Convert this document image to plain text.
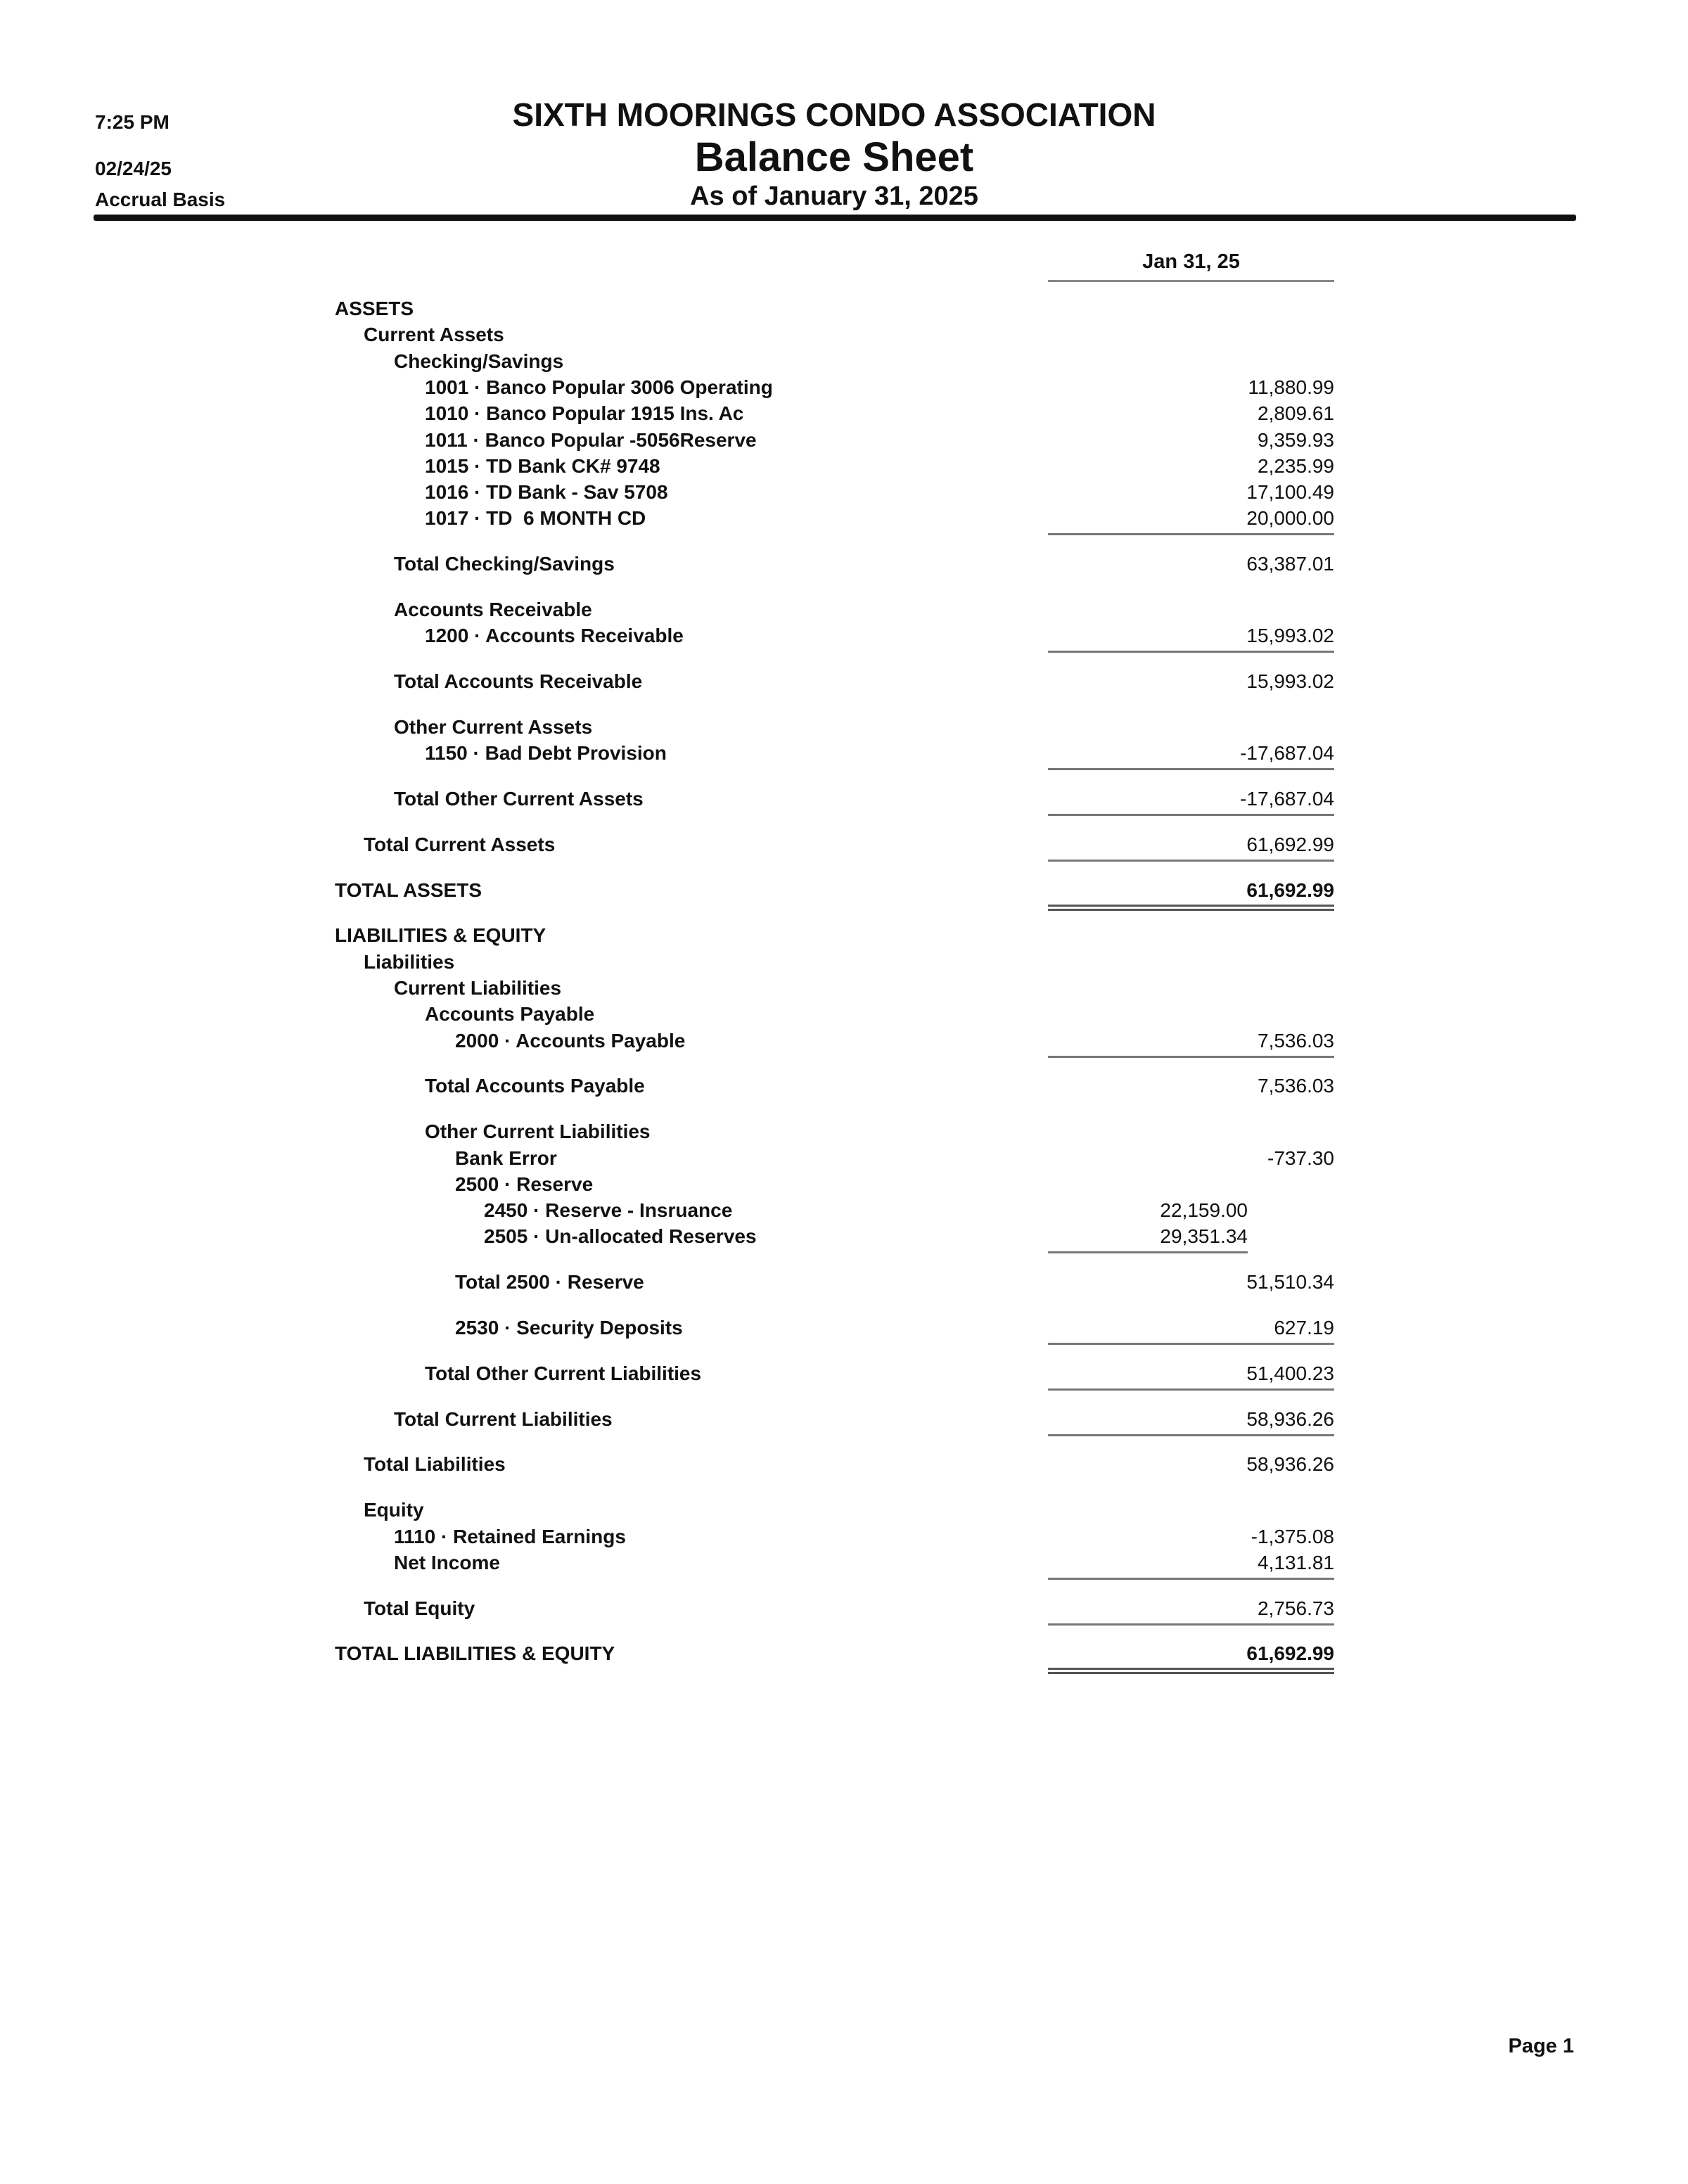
7:25 PM
02/24/25
Accrual Basis
SIXTH MOORINGS CONDO ASSOCIATION
Balance Sheet
As of January 31, 2025
Jan 31, 25
ASSETS
Current Assets
Checking/Savings
1001 · Banco Popular 3006 Operating	11,880.99
1010 · Banco Popular 1915 Ins. Ac	2,809.61
1011 · Banco Popular -5056Reserve	9,359.93
1015 · TD Bank CK# 9748	2,235.99
1016 · TD Bank - Sav 5708	17,100.49
1017 · TD  6 MONTH CD	20,000.00
Total Checking/Savings	63,387.01
Accounts Receivable
1200 · Accounts Receivable	15,993.02
Total Accounts Receivable	15,993.02
Other Current Assets
1150 · Bad Debt Provision	-17,687.04
Total Other Current Assets	-17,687.04
Total Current Assets	61,692.99
TOTAL ASSETS	61,692.99
LIABILITIES & EQUITY
Liabilities
Current Liabilities
Accounts Payable
2000 · Accounts Payable	7,536.03
Total Accounts Payable	7,536.03
Other Current Liabilities
Bank Error	-737.30
2500 · Reserve
2450 · Reserve - Insruance	22,159.00
2505 · Un-allocated Reserves	29,351.34
Total 2500 · Reserve	51,510.34
2530 · Security Deposits	627.19
Total Other Current Liabilities	51,400.23
Total Current Liabilities	58,936.26
Total Liabilities	58,936.26
Equity
1110 · Retained Earnings	-1,375.08
Net Income	4,131.81
Total Equity	2,756.73
TOTAL LIABILITIES & EQUITY	61,692.99
Page 1
